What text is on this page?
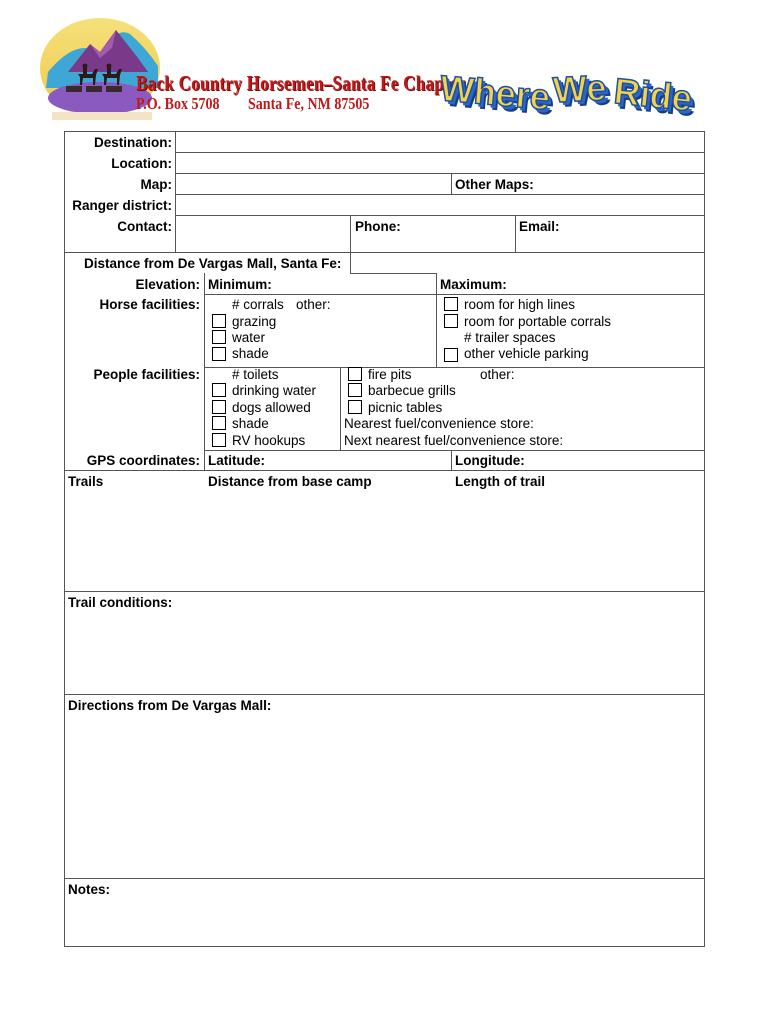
Back Country Horsemen–Santa Fe Chapter
P.O. Box 5708 Santa Fe, NM 87505 Where We Ride
Destination:
Location:
Map:	Other Maps:
Ranger district:
Contact:	Phone:	Email:
Distance from De Vargas Mall, Santa Fe:
Elevation: Minimum:	Maximum:
Horse facilities: # corrals other:
grazing
water
shade
room for high lines
room for portable corrals
# trailer spaces
other vehicle parking
People facilities: # toilets
drinking water
dogs allowed
shade
RV hookups
fire pits	other:
barbecue grills
picnic tables
Nearest fuel/convenience store:
Next nearest fuel/convenience store:
GPS coordinates: Latitude:	Longitude:
Trails	Distance from base camp	Length of trail
Trail conditions:
Directions from De Vargas Mall:
Notes:
